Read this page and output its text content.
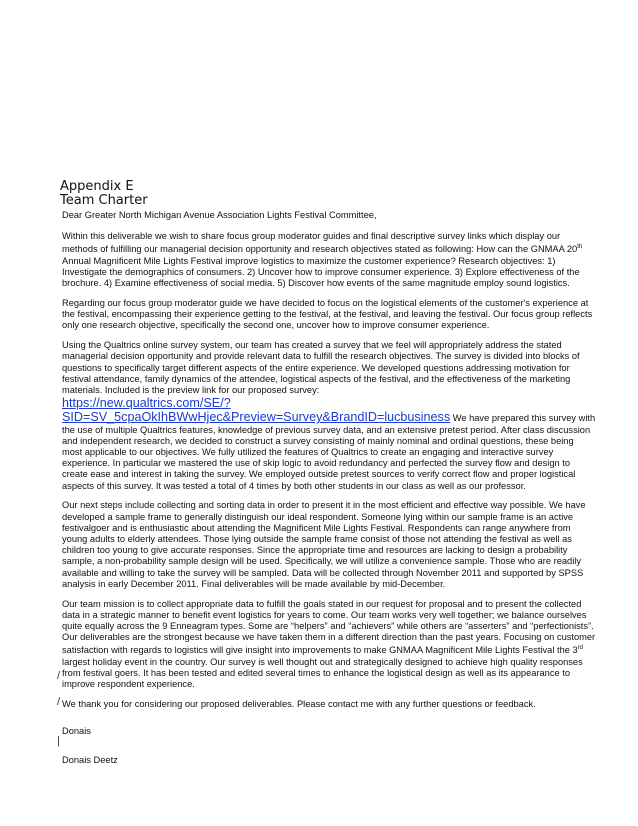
Appendix E
Team Charter

Dear Greater North Michigan Avenue Association Lights Festival Committee,

Within this deliverable we wish to share focus group moderator guides and final descriptive survey links which display our methods of fulfilling our managerial decision opportunity and research objectives stated as following: How can the GNMAA 20th Annual Magnificent Mile Lights Festival improve logistics to maximize the customer experience? Research objectives: 1) Investigate the demographics of consumers. 2) Uncover how to improve consumer experience. 3) Explore effectiveness of the brochure. 4) Examine effectiveness of social media. 5) Discover how events of the same magnitude employ sound logistics.

Regarding our focus group moderator guide we have decided to focus on the logistical elements of the customer's experience at the festival, encompassing their experience getting to the festival, at the festival, and leaving the festival. Our focus group reflects only one research objective, specifically the second one, uncover how to improve consumer experience.

Using the Qualtrics online survey system, our team has created a survey that we feel will appropriately address the stated managerial decision opportunity and provide relevant data to fulfill the research objectives. The survey is divided into blocks of questions to specifically target different aspects of the entire experience. We developed questions addressing motivation for festival attendance, family dynamics of the attendee, logistical aspects of the festival, and the effectiveness of the marketing materials. Included is the preview link for our proposed survey:
https://new.qualtrics.com/SE/?SID=SV_5cpaOkIhBWwHjec&Preview=Survey&BrandID=lucbusiness We have prepared this survey with the use of multiple Qualtrics features, knowledge of previous survey data, and an extensive pretest period. After class discussion and independent research, we decided to construct a survey consisting of mainly nominal and ordinal questions, these being most applicable to our objectives. We fully utilized the features of Qualtrics to create an engaging and interactive survey experience. In particular we mastered the use of skip logic to avoid redundancy and perfected the survey flow and design to create ease and interest in taking the survey. We employed outside pretest sources to verify correct flow and proper logistical aspects of this survey. It was tested a total of 4 times by both other students in our class as well as our professor.

Our next steps include collecting and sorting data in order to present it in the most efficient and effective way possible. We have developed a sample frame to generally distinguish our ideal respondent. Someone lying within our sample frame is an active festivalgoer and is enthusiastic about attending the Magnificent Mile Lights Festival. Respondents can range anywhere from young adults to elderly attendees. Those lying outside the sample frame consist of those not attending the festival as well as children too young to give accurate responses. Since the appropriate time and resources are lacking to design a probability sample, a non-probability sample design will be used. Specifically, we will utilize a convenience sample. Those who are readily available and willing to take the survey will be sampled. Data will be collected through November 2011 and supported by SPSS analysis in early December 2011. Final deliverables will be made available by mid-December.

Our team mission is to collect appropriate data to fulfill the goals stated in our request for proposal and to present the collected data in a strategic manner to benefit event logistics for years to come. Our team works very well together; we balance ourselves quite equally across the 9 Enneagram types. Some are “helpers” and “achievers” while others are “asserters” and “perfectionists”. Our deliverables are the strongest because we have taken them in a different direction than the past years. Focusing on customer satisfaction with regards to logistics will give insight into improvements to make GNMAA Magnificent Mile Lights Festival the 3rd largest holiday event in the country. Our survey is well thought out and strategically designed to achieve high quality responses from festival goers. It has been tested and edited several times to enhance the logistical design as well as its appearance to improve respondent experience.

We thank you for considering our proposed deliverables. Please contact me with any further questions or feedback.

Donais

Donais Deetz

/
/
|
